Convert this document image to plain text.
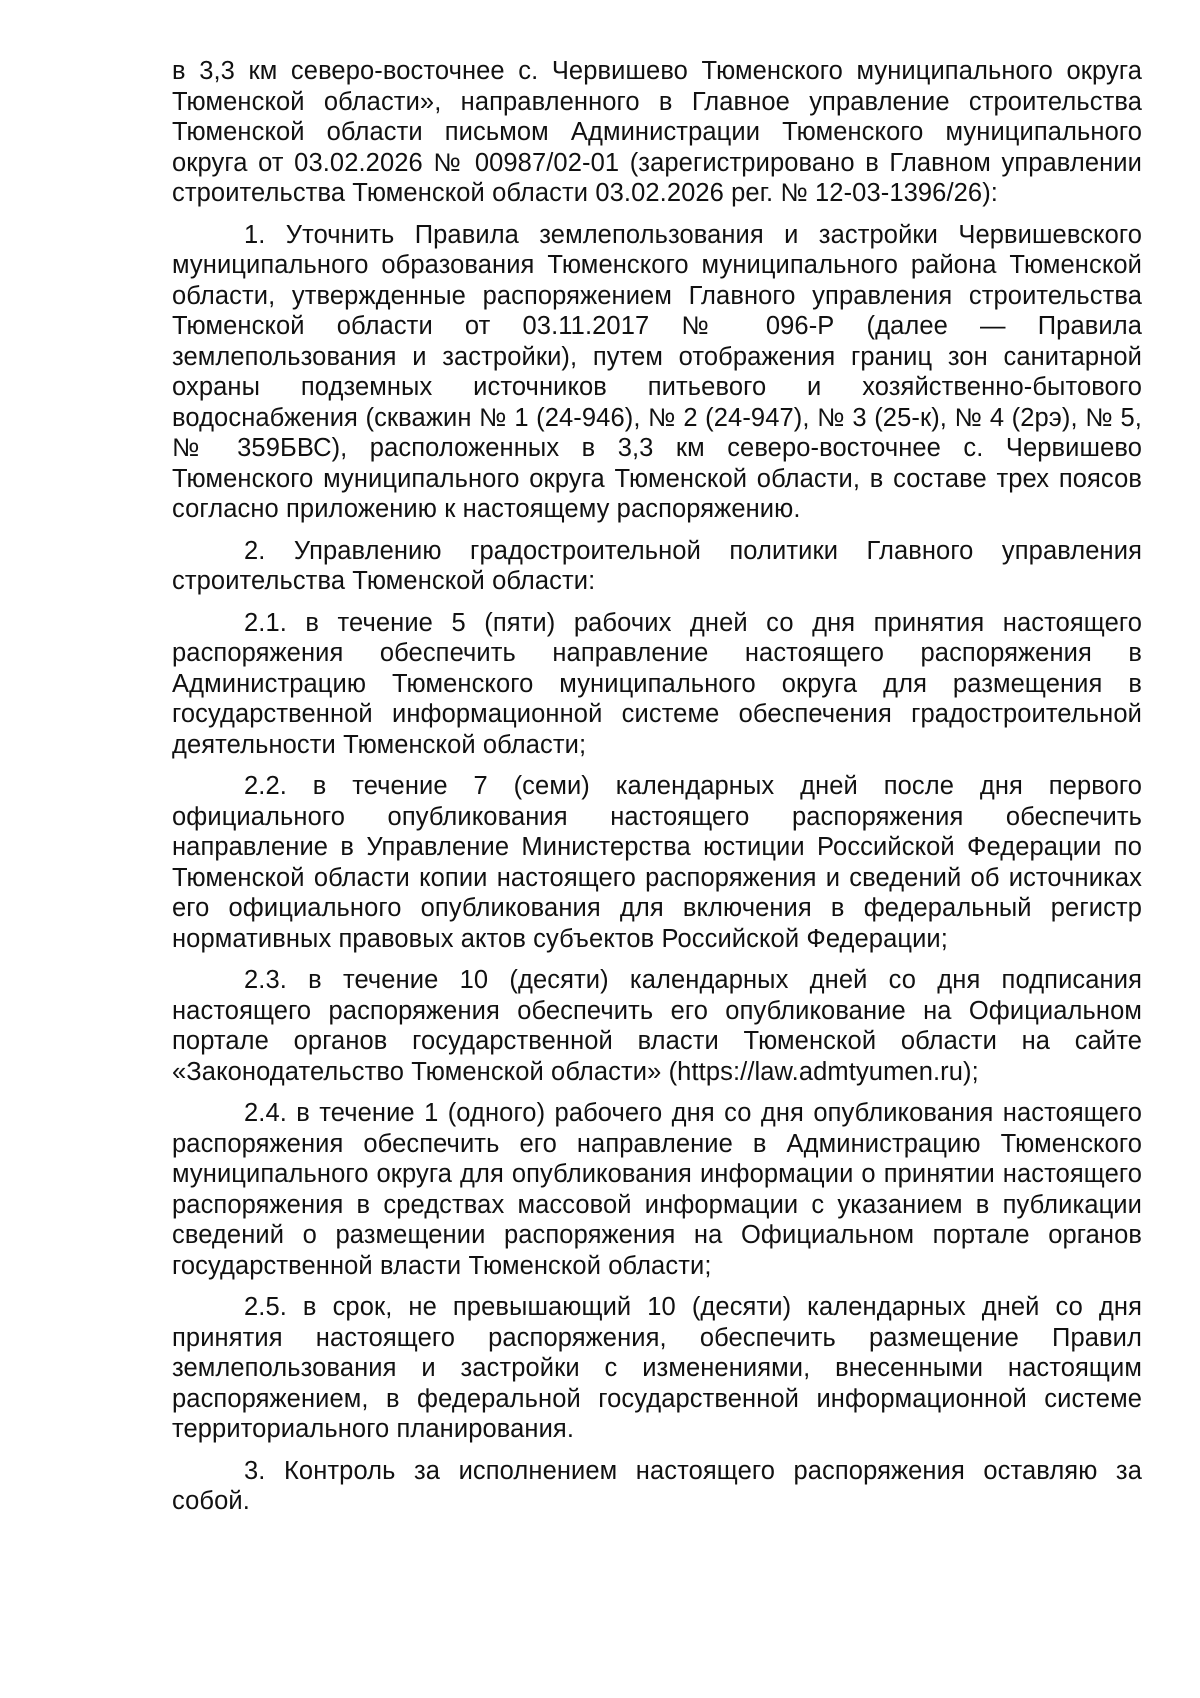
в 3,3 км северо-восточнее с. Червишево Тюменского муниципального округа Тюменской области», направленного в Главное управление строительства Тюменской области письмом Администрации Тюменского муниципального округа от 03.02.2026 № 00987/02-01 (зарегистрировано в Главном управлении строительства Тюменской области 03.02.2026 рег. № 12-03-1396/26):

1. Уточнить Правила землепользования и застройки Червишевского муниципального образования Тюменского муниципального района Тюменской области, утвержденные распоряжением Главного управления строительства Тюменской области от 03.11.2017 № 096-Р (далее — Правила землепользования и застройки), путем отображения границ зон санитарной охраны подземных источников питьевого и хозяйственно-бытового водоснабжения (скважин № 1 (24-946), № 2 (24-947), № 3 (25-к), № 4 (2рэ), № 5, № 359БВС), расположенных в 3,3 км северо-восточнее с. Червишево Тюменского муниципального округа Тюменской области, в составе трех поясов согласно приложению к настоящему распоряжению.

2. Управлению градостроительной политики Главного управления строительства Тюменской области:

2.1. в течение 5 (пяти) рабочих дней со дня принятия настоящего распоряжения обеспечить направление настоящего распоряжения в Администрацию Тюменского муниципального округа для размещения в государственной информационной системе обеспечения градостроительной деятельности Тюменской области;

2.2. в течение 7 (семи) календарных дней после дня первого официального опубликования настоящего распоряжения обеспечить направление в Управление Министерства юстиции Российской Федерации по Тюменской области копии настоящего распоряжения и сведений об источниках его официального опубликования для включения в федеральный регистр нормативных правовых актов субъектов Российской Федерации;

2.3. в течение 10 (десяти) календарных дней со дня подписания настоящего распоряжения обеспечить его опубликование на Официальном портале органов государственной власти Тюменской области на сайте «Законодательство Тюменской области» (https://law.admtyumen.ru);

2.4. в течение 1 (одного) рабочего дня со дня опубликования настоящего распоряжения обеспечить его направление в Администрацию Тюменского муниципального округа для опубликования информации о принятии настоящего распоряжения в средствах массовой информации с указанием в публикации сведений о размещении распоряжения на Официальном портале органов государственной власти Тюменской области;

2.5. в срок, не превышающий 10 (десяти) календарных дней со дня принятия настоящего распоряжения, обеспечить размещение Правил землепользования и застройки с изменениями, внесенными настоящим распоряжением, в федеральной государственной информационной системе территориального планирования.

3. Контроль за исполнением настоящего распоряжения оставляю за собой.
